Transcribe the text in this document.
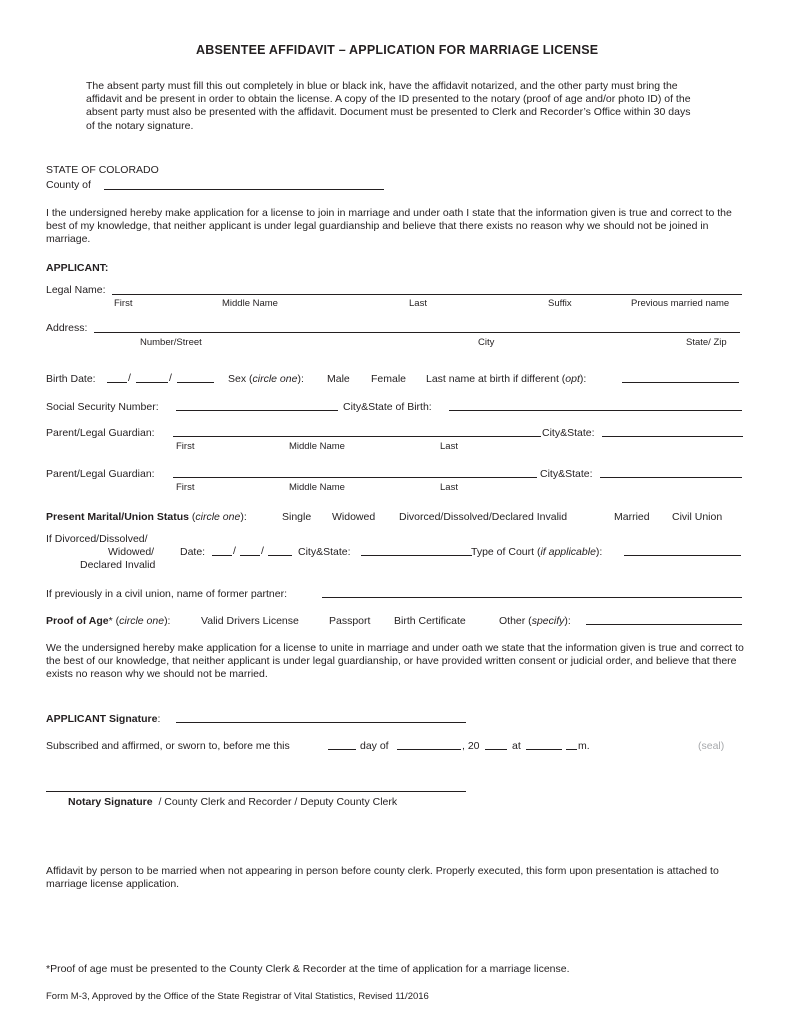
ABSENTEE AFFIDAVIT – APPLICATION FOR MARRIAGE LICENSE
The absent party must fill this out completely in blue or black ink, have the affidavit notarized, and the other party must bring the affidavit and be present in order to obtain the license. A copy of the ID presented to the notary (proof of age and/or photo ID) of the absent party must also be presented with the affidavit. Document must be presented to Clerk and Recorder’s Office within 30 days of the notary signature.
STATE OF COLORADO
County of
I the undersigned hereby make application for a license to join in marriage and under oath I state that the information given is true and correct to the best of my knowledge, that neither applicant is under legal guardianship and believe that there exists no reason why we should not be joined in marriage.
APPLICANT:
Legal Name:
First	Middle Name	Last	Suffix	Previous married name
Address:
Number/Street	City	State/ Zip
Birth Date:	/	/	Sex (circle one): Male Female Last name at birth if different (opt):
Social Security Number:	City&State of Birth:
Parent/Legal Guardian:	City&State:
First	Middle Name	Last
Parent/Legal Guardian:	City&State:
First	Middle Name	Last
Present Marital/Union Status (circle one):	Single Widowed Divorced/Dissolved/Declared Invalid	Married Civil Union
If Divorced/Dissolved/
Widowed/
Declared Invalid
Date:	/ /	City&State:	Type of Court (if applicable):
If previously in a civil union, name of former partner:
Proof of Age* (circle one):	Valid Drivers License	Passport Birth Certificate	Other (specify):
We the undersigned hereby make application for a license to unite in marriage and under oath we state that the information given is true and correct to the best of our knowledge, that neither applicant is under legal guardianship, or have provided written consent or judicial order, and believe that there exists no reason why we should not be married.
APPLICANT Signature:
Subscribed and affirmed, or sworn to, before me this	day of	, 20	at	m.	(seal)
Notary Signature / County Clerk and Recorder / Deputy County Clerk
Affidavit by person to be married when not appearing in person before county clerk. Properly executed, this form upon presentation is attached to marriage license application.
*Proof of age must be presented to the County Clerk & Recorder at the time of application for a marriage license.
Form M-3, Approved by the Office of the State Registrar of Vital Statistics, Revised 11/2016
